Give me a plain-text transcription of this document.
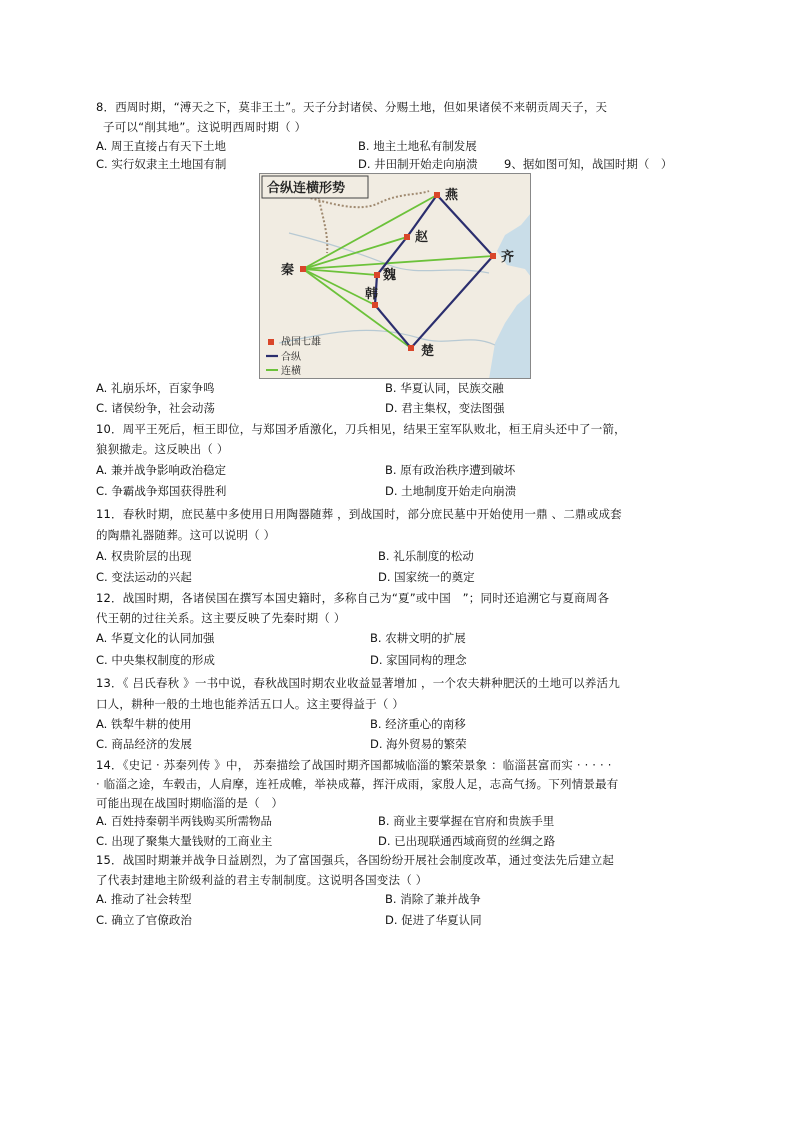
8．西周时期，“溥天之下，莫非王土”。天子分封诸侯、分赐土地，但如果诸侯不来朝贡周天子，天
子可以“削其地”。这说明西周时期（ ）
A. 周王直接占有天下土地	B. 地主土地私有制发展
C. 实行奴隶主土地国有制	D. 井田制开始走向崩溃 9、据如图可知，战国时期（　）
合纵连横形势
秦
燕
赵
魏
韩
齐
楚
战国七雄
合纵
连横
A. 礼崩乐坏，百家争鸣	B. 华夏认同，民族交融
C. 诸侯纷争，社会动荡	D. 君主集权，变法图强
10．周平王死后，桓王即位，与郑国矛盾激化，刀兵相见，结果王室军队败北，桓王肩头还中了一箭，
狼狈撤走。这反映出（ ）
A. 兼并战争影响政治稳定	B. 原有政治秩序遭到破坏
C. 争霸战争郑国获得胜利	D. 土地制度开始走向崩溃
11．春秋时期，庶民墓中多使用日用陶器随葬 ，到战国时，部分庶民墓中开始使用一鼎 、二鼎或成套
的陶鼎礼器随葬。这可以说明（ ）
A. 权贵阶层的出现	B. 礼乐制度的松动
C. 变法运动的兴起	D. 国家统一的奠定
12．战国时期，各诸侯国在撰写本国史籍时，多称自己为“夏”或中国　”；同时还追溯它与夏商周各
代王朝的过往关系。这主要反映了先秦时期（ ）
A. 华夏文化的认同加强	B. 农耕文明的扩展
C. 中央集权制度的形成	D. 家国同构的理念
13．《 吕氏春秋 》一书中说，春秋战国时期农业收益显著增加 ，一个农夫耕种肥沃的土地可以养活九
口人，耕种一般的土地也能养活五口人。这主要得益于（ ）
A. 铁犁牛耕的使用	B. 经济重心的南移
C. 商品经济的发展	D. 海外贸易的繁荣
14．《史记 · 苏秦列传 》中， 苏秦描绘了战国时期齐国都城临淄的繁荣景象 ：临淄甚富而实 · · · · ·
· 临淄之途，车毂击，人肩摩，连衽成帷，举袂成幕，挥汗成雨，家殷人足，志高气扬。下列情景最有
可能出现在战国时期临淄的是（　）
A. 百姓持秦朝半两钱购买所需物品	B. 商业主要掌握在官府和贵族手里
C. 出现了聚集大量钱财的工商业主	D. 已出现联通西域商贸的丝绸之路
15．战国时期兼并战争日益剧烈，为了富国强兵，各国纷纷开展社会制度改革，通过变法先后建立起
了代表封建地主阶级利益的君主专制制度。这说明各国变法（ ）
A. 推动了社会转型	B. 消除了兼并战争
C. 确立了官僚政治	D. 促进了华夏认同
